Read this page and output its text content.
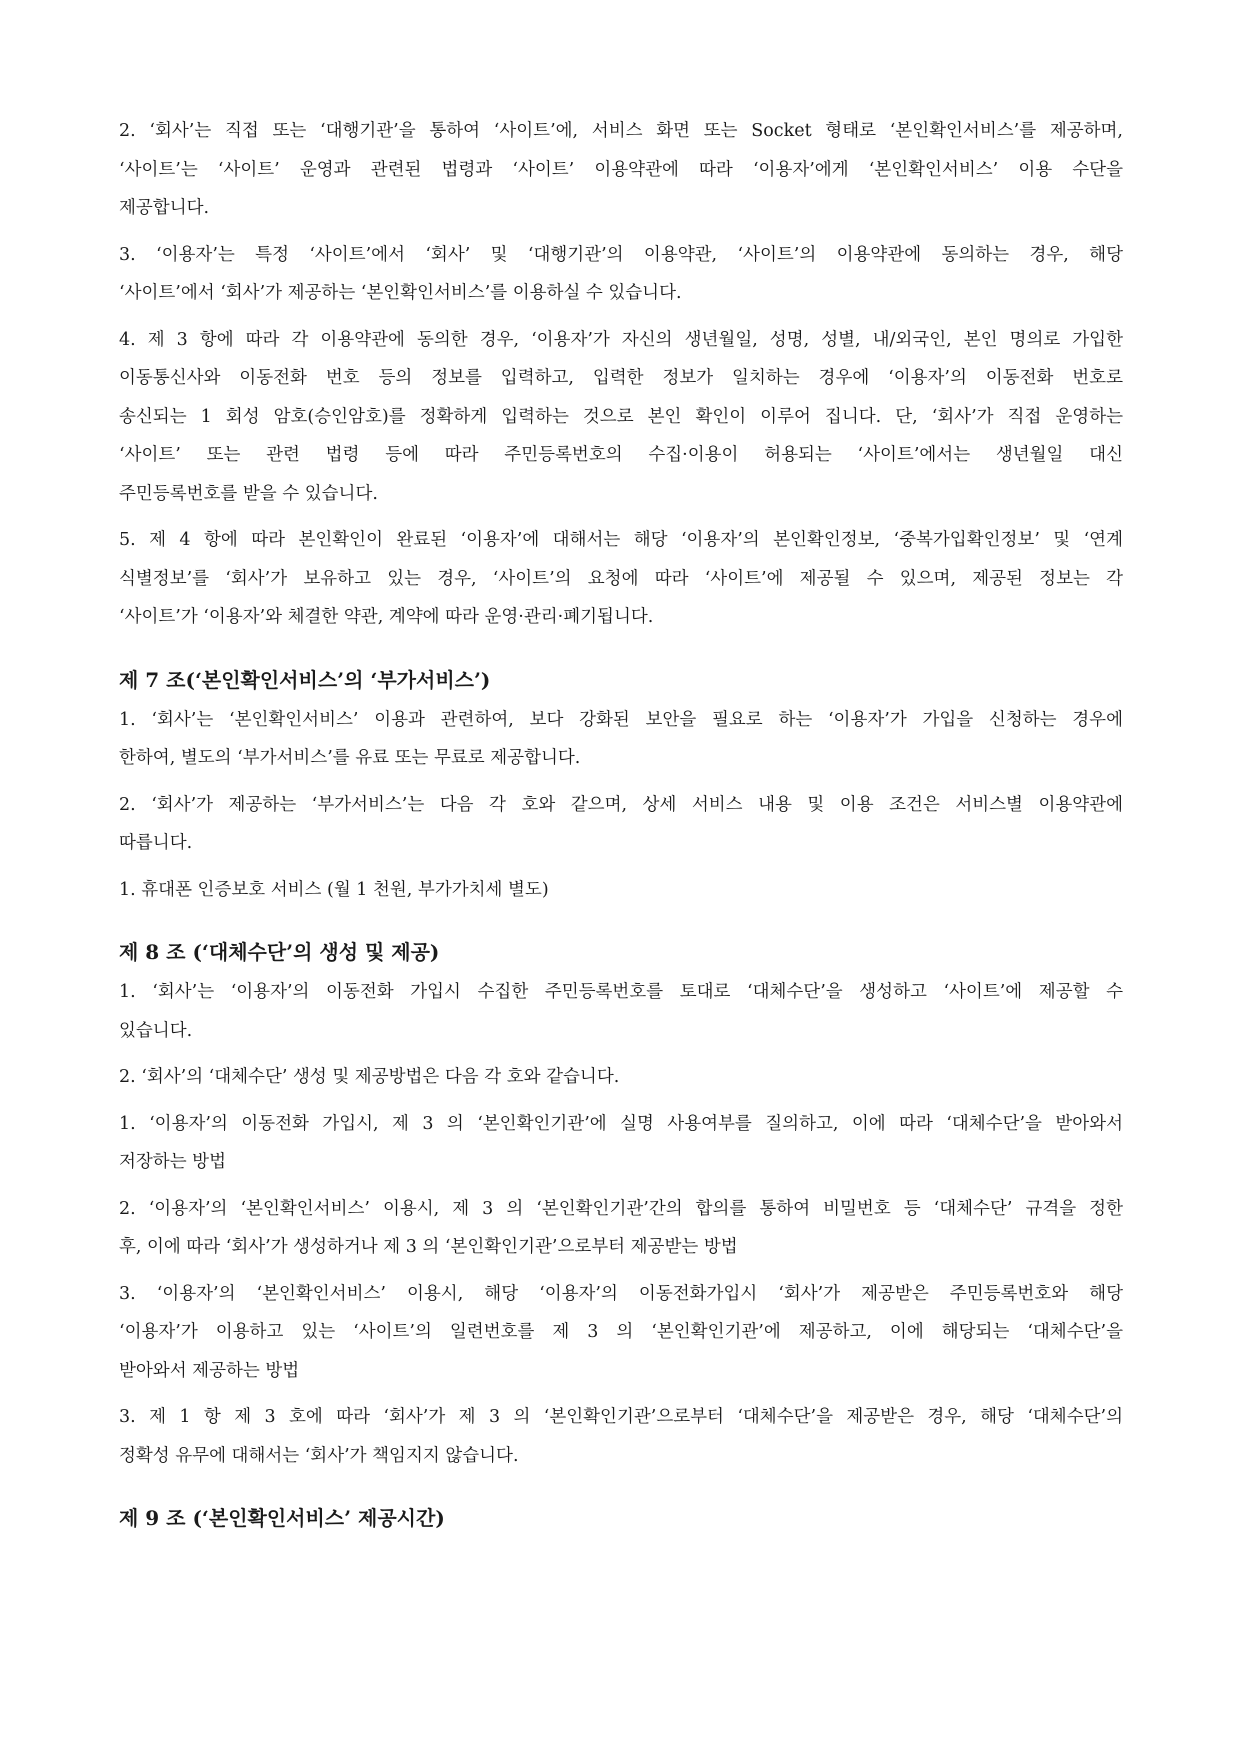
2. ‘회사’는 직접 또는 ‘대행기관’을 통하여 ‘사이트’에, 서비스 화면 또는 Socket 형태로 ‘본인확인서비스’를 제공하며,
‘사이트’는 ‘사이트’ 운영과 관련된 법령과 ‘사이트’ 이용약관에 따라 ‘이용자’에게 ‘본인확인서비스’ 이용 수단을
제공합니다.
3. ‘이용자’는 특정 ‘사이트’에서 ‘회사’ 및 ‘대행기관’의 이용약관, ‘사이트’의 이용약관에 동의하는 경우, 해당
‘사이트’에서 ‘회사’가 제공하는 ‘본인확인서비스’를 이용하실 수 있습니다.
4. 제 3 항에 따라 각 이용약관에 동의한 경우, ‘이용자’가 자신의 생년월일, 성명, 성별, 내/외국인, 본인 명의로 가입한
이동통신사와 이동전화 번호 등의 정보를 입력하고, 입력한 정보가 일치하는 경우에 ‘이용자’의 이동전화 번호로
송신되는 1 회성 암호(승인암호)를 정확하게 입력하는 것으로 본인 확인이 이루어 집니다. 단, ‘회사’가 직접 운영하는
‘사이트’ 또는 관련 법령 등에 따라 주민등록번호의 수집·이용이 허용되는 ‘사이트’에서는 생년월일 대신
주민등록번호를 받을 수 있습니다.
5. 제 4 항에 따라 본인확인이 완료된 ‘이용자’에 대해서는 해당 ‘이용자’의 본인확인정보, ‘중복가입확인정보’ 및 ‘연계
식별정보’를 ‘회사’가 보유하고 있는 경우, ‘사이트’의 요청에 따라 ‘사이트’에 제공될 수 있으며, 제공된 정보는 각
‘사이트’가 ‘이용자’와 체결한 약관, 계약에 따라 운영·관리·폐기됩니다.
제 7 조(‘본인확인서비스’의 ‘부가서비스’)
1. ‘회사’는 ‘본인확인서비스’ 이용과 관련하여, 보다 강화된 보안을 필요로 하는 ‘이용자’가 가입을 신청하는 경우에
한하여, 별도의 ‘부가서비스’를 유료 또는 무료로 제공합니다.
2. ‘회사’가 제공하는 ‘부가서비스’는 다음 각 호와 같으며, 상세 서비스 내용 및 이용 조건은 서비스별 이용약관에
따릅니다.
1. 휴대폰 인증보호 서비스 (월 1 천원, 부가가치세 별도)
제 8 조 (‘대체수단’의 생성 및 제공)
1. ‘회사’는 ‘이용자’의 이동전화 가입시 수집한 주민등록번호를 토대로 ‘대체수단’을 생성하고 ‘사이트’에 제공할 수
있습니다.
2. ‘회사’의 ‘대체수단’ 생성 및 제공방법은 다음 각 호와 같습니다.
1. ‘이용자’의 이동전화 가입시, 제 3 의 ‘본인확인기관’에 실명 사용여부를 질의하고, 이에 따라 ‘대체수단’을 받아와서
저장하는 방법
2. ‘이용자’의 ‘본인확인서비스’ 이용시, 제 3 의 ‘본인확인기관’간의 합의를 통하여 비밀번호 등 ‘대체수단’ 규격을 정한
후, 이에 따라 ‘회사’가 생성하거나 제 3 의 ‘본인확인기관’으로부터 제공받는 방법
3. ‘이용자’의 ‘본인확인서비스’ 이용시, 해당 ‘이용자’의 이동전화가입시 ‘회사’가 제공받은 주민등록번호와 해당
‘이용자’가 이용하고 있는 ‘사이트’의 일련번호를 제 3 의 ‘본인확인기관’에 제공하고, 이에 해당되는 ‘대체수단’을
받아와서 제공하는 방법
3. 제 1 항 제 3 호에 따라 ‘회사’가 제 3 의 ‘본인확인기관’으로부터 ‘대체수단’을 제공받은 경우, 해당 ‘대체수단’의
정확성 유무에 대해서는 ‘회사’가 책임지지 않습니다.
제 9 조 (‘본인확인서비스’ 제공시간)
